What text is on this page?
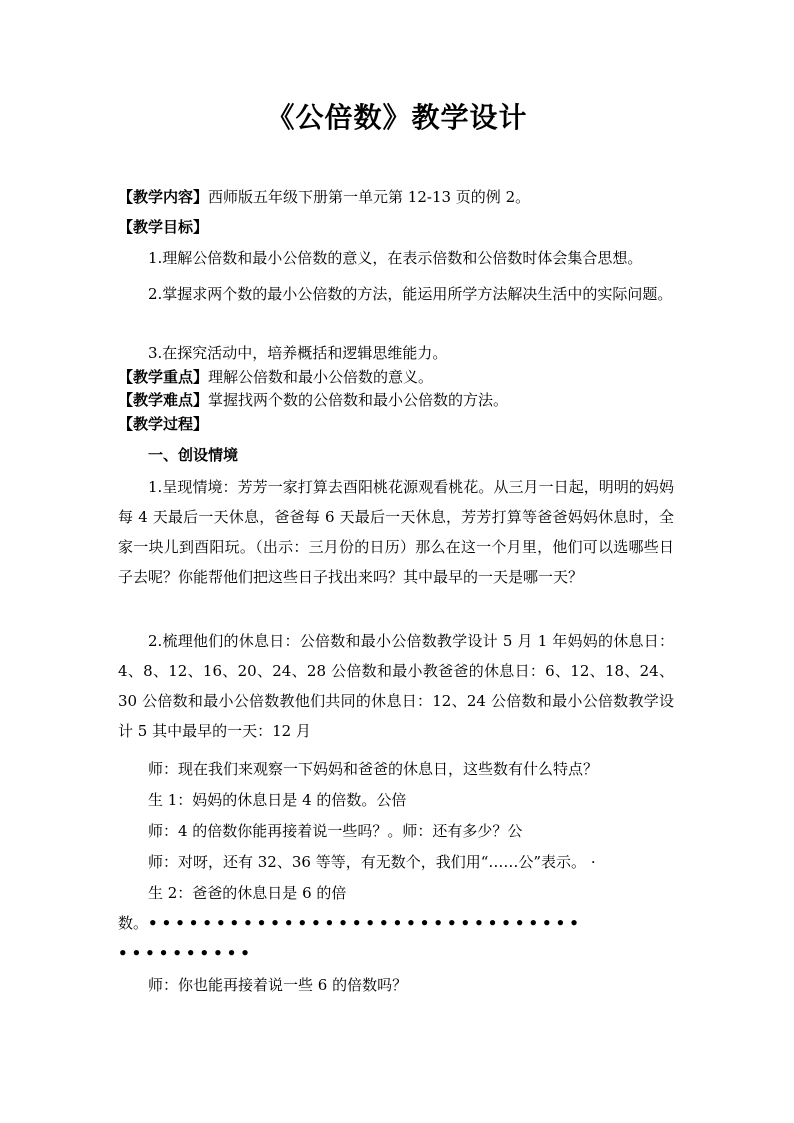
《公倍数》教学设计
【教学内容】西师版五年级下册第一单元第 12-13 页的例 2。
【教学目标】
1.理解公倍数和最小公倍数的意义，在表示倍数和公倍数时体会集合思想。
2.掌握求两个数的最小公倍数的方法，能运用所学方法解决生活中的实际问题。
3.在探究活动中，培养概括和逻辑思维能力。
【教学重点】理解公倍数和最小公倍数的意义。
【教学难点】掌握找两个数的公倍数和最小公倍数的方法。
【教学过程】
一、创设情境
1.呈现情境：芳芳一家打算去酉阳桃花源观看桃花。从三月一日起，明明的妈妈每 4 天最后一天休息，爸爸每 6 天最后一天休息，芳芳打算等爸爸妈妈休息时，全家一块儿到酉阳玩。（出示：三月份的日历）那么在这一个月里，他们可以选哪些日子去呢？你能帮他们把这些日子找出来吗？其中最早的一天是哪一天？
2.梳理他们的休息日：公倍数和最小公倍数教学设计 5 月 1 年妈妈的休息日：4、8、12、16、20、24、28 公倍数和最小教爸爸的休息日：6、12、18、24、30 公倍数和最小公倍数教他们共同的休息日：12、24 公倍数和最小公倍数教学设计 5 其中最早的一天：12 月
师：现在我们来观察一下妈妈和爸爸的休息日，这些数有什么特点？
生 1：妈妈的休息日是 4 的倍数。公倍
师：4 的倍数你能再接着说一些吗？。师：还有多少？公
师：对呀，还有 32、36 等等，有无数个，我们用“……公”表示。 ·
生 2：爸爸的休息日是 6 的倍
数。••••••••••••••••••••••••••••••••
••••••••••
师：你也能再接着说一些 6 的倍数吗？
